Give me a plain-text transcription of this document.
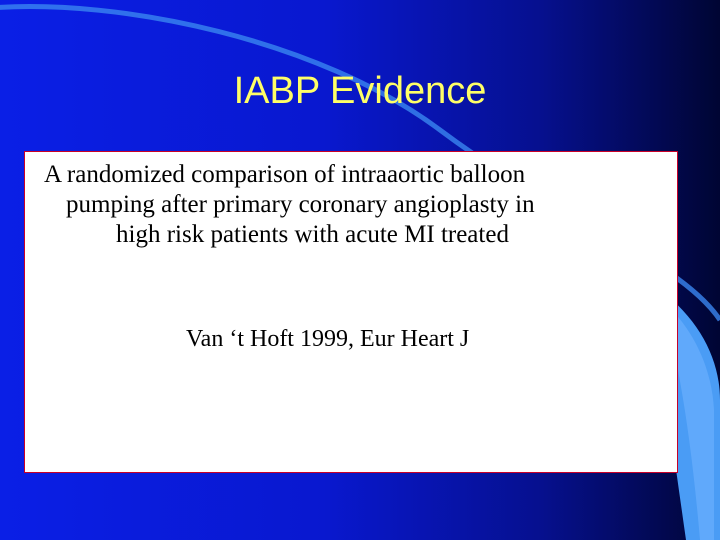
IABP Evidence

A randomized comparison of intraaortic balloon
pumping after primary coronary angioplasty in
high risk patients with acute MI treated

Van ‘t Hoft 1999, Eur Heart J
